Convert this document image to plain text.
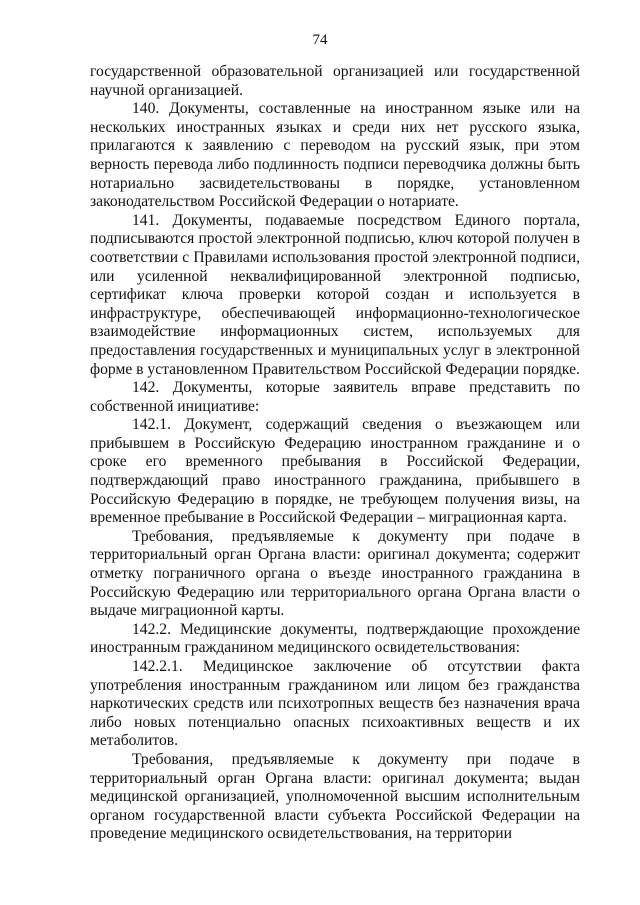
74

государственной образовательной организацией или государственной научной организацией.

140. Документы, составленные на иностранном языке или на нескольких иностранных языках и среди них нет русского языка, прилагаются к заявлению с переводом на русский язык, при этом верность перевода либо подлинность подписи переводчика должны быть нотариально засвидетельствованы в порядке, установленном законодательством Российской Федерации о нотариате.

141. Документы, подаваемые посредством Единого портала, подписываются простой электронной подписью, ключ которой получен в соответствии с Правилами использования простой электронной подписи, или усиленной неквалифицированной электронной подписью, сертификат ключа проверки которой создан и используется в инфраструктуре, обеспечивающей информационно-технологическое взаимодействие информационных систем, используемых для предоставления государственных и муниципальных услуг в электронной форме в установленном Правительством Российской Федерации порядке.

142. Документы, которые заявитель вправе представить по собственной инициативе:

142.1. Документ, содержащий сведения о въезжающем или прибывшем в Российскую Федерацию иностранном гражданине и о сроке его временного пребывания в Российской Федерации, подтверждающий право иностранного гражданина, прибывшего в Российскую Федерацию в порядке, не требующем получения визы, на временное пребывание в Российской Федерации – миграционная карта.

Требования, предъявляемые к документу при подаче в территориальный орган Органа власти: оригинал документа; содержит отметку пограничного органа о въезде иностранного гражданина в Российскую Федерацию или территориального органа Органа власти о выдаче миграционной карты.

142.2. Медицинские документы, подтверждающие прохождение иностранным гражданином медицинского освидетельствования:

142.2.1. Медицинское заключение об отсутствии факта употребления иностранным гражданином или лицом без гражданства наркотических средств или психотропных веществ без назначения врача либо новых потенциально опасных психоактивных веществ и их метаболитов.

Требования, предъявляемые к документу при подаче в территориальный орган Органа власти: оригинал документа; выдан медицинской организацией, уполномоченной высшим исполнительным органом государственной власти субъекта Российской Федерации на проведение медицинского освидетельствования, на территории
